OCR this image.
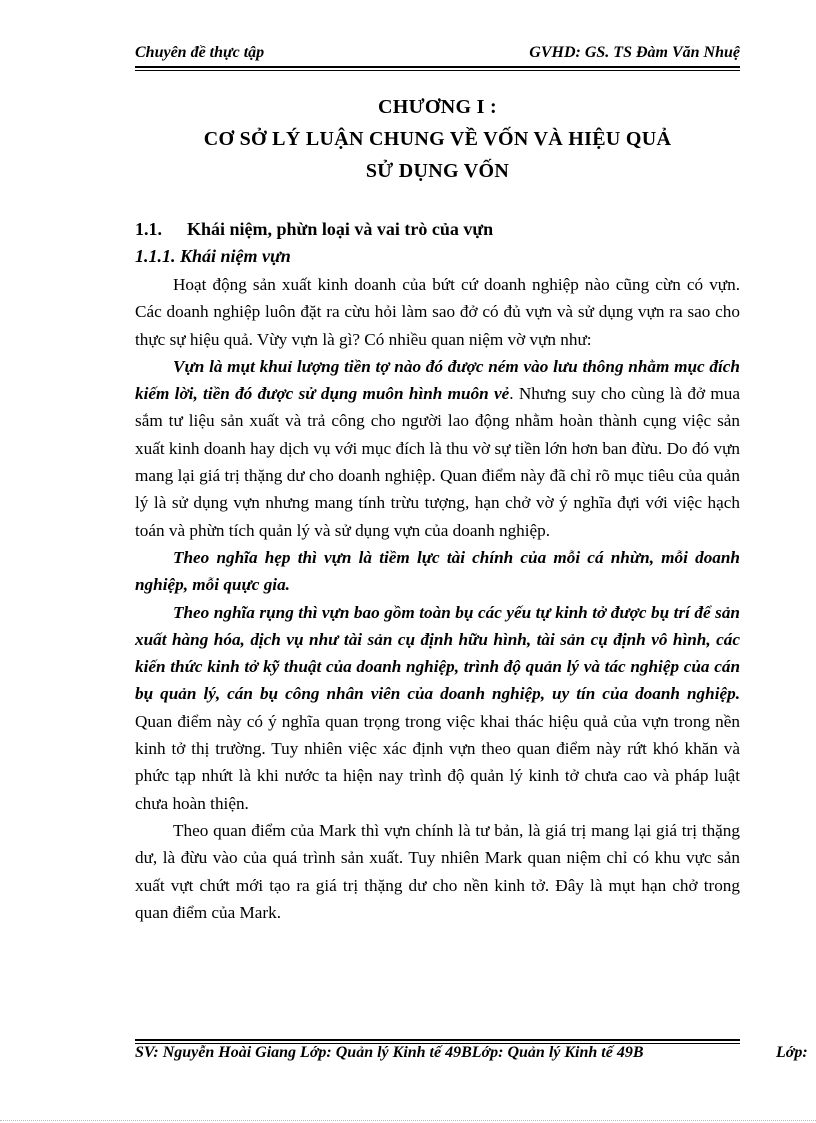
Chuyên đề thực tập	GVHD: GS. TS Đàm Văn Nhuệ
CHƯƠNG I :
CƠ SỞ LÝ LUẬN CHUNG VỀ VỐN VÀ HIỆU QUẢ
SỬ DỤNG VỐN
1.1. Khái niệm, phừn loại và vai trò của vựn
1.1.1. Khái niệm vựn

Hoạt động sản xuất kinh doanh của bứt cứ doanh nghiệp nào cũng cừn có vựn. Các doanh nghiệp luôn đặt ra cừu hỏi làm sao đở có đủ vựn và sử dụng vựn ra sao cho thực sự hiệu quả. Vừy vựn là gì? Có nhiều quan niệm vờ vựn như:

Vựn là mụt khuỉ lượng tiền tợ nào đó được ném vào lưu thông nhằm mục đích kiếm lời, tiền đó được sử dụng muôn hình muôn vẻ. Nhưng suy cho cùng là đở mua sắm tư liệu sản xuất và trả công cho người lao động nhằm hoàn thành cụng việc sản xuất kinh doanh hay dịch vụ với mục đích là thu vờ sự tiền lớn hơn ban đừu. Do đó vựn mang lại giá trị thặng dư cho doanh nghiệp. Quan điểm này đã chỉ rõ mục tiêu của quản lý là sử dụng vựn nhưng mang tính trừu tượng, hạn chở vờ ý nghĩa đựi với việc hạch toán và phừn tích quản lý và sử dụng vựn của doanh nghiệp.

Theo nghĩa hẹp thì vựn là tiềm lực tài chính của mỗi cá nhừn, mỗi doanh nghiệp, mỗi quực gia.

Theo nghĩa rụng thì vựn bao gồm toàn bụ các yếu tự kinh tở được bụ trí để sản xuất hàng hóa, dịch vụ như tài sản cụ định hữu hình, tài sản cụ định vô hình, các kiến thức kinh tở kỹ thuật của doanh nghiệp, trình độ quản lý và tác nghiệp của cán bụ quản lý, cán bụ công nhân viên của doanh nghiệp, uy tín của doanh nghiệp. Quan điểm này có ý nghĩa quan trọng trong việc khai thác hiệu quả của vựn trong nền kinh tở thị trường. Tuy nhiên việc xác định vựn theo quan điểm này rứt khó khăn và phức tạp nhứt là khi nước ta hiện nay trình độ quản lý kinh tở chưa cao và pháp luật chưa hoàn thiện.

Theo quan điểm của Mark thì vựn chính là tư bản, là giá trị mang lại giá trị thặng dư, là đừu vào của quá trình sản xuất. Tuy nhiên Mark quan niệm chỉ có khu vực sản xuất vựt chứt mới tạo ra giá trị thặng dư cho nền kinh tở. Đây là mụt hạn chở trong quan điểm của Mark.

SV: Nguyễn Hoài Giang Lớp: Quản lý Kinh tế 49BLớp: Quản lý Kinh tế 49B	Lớp:
